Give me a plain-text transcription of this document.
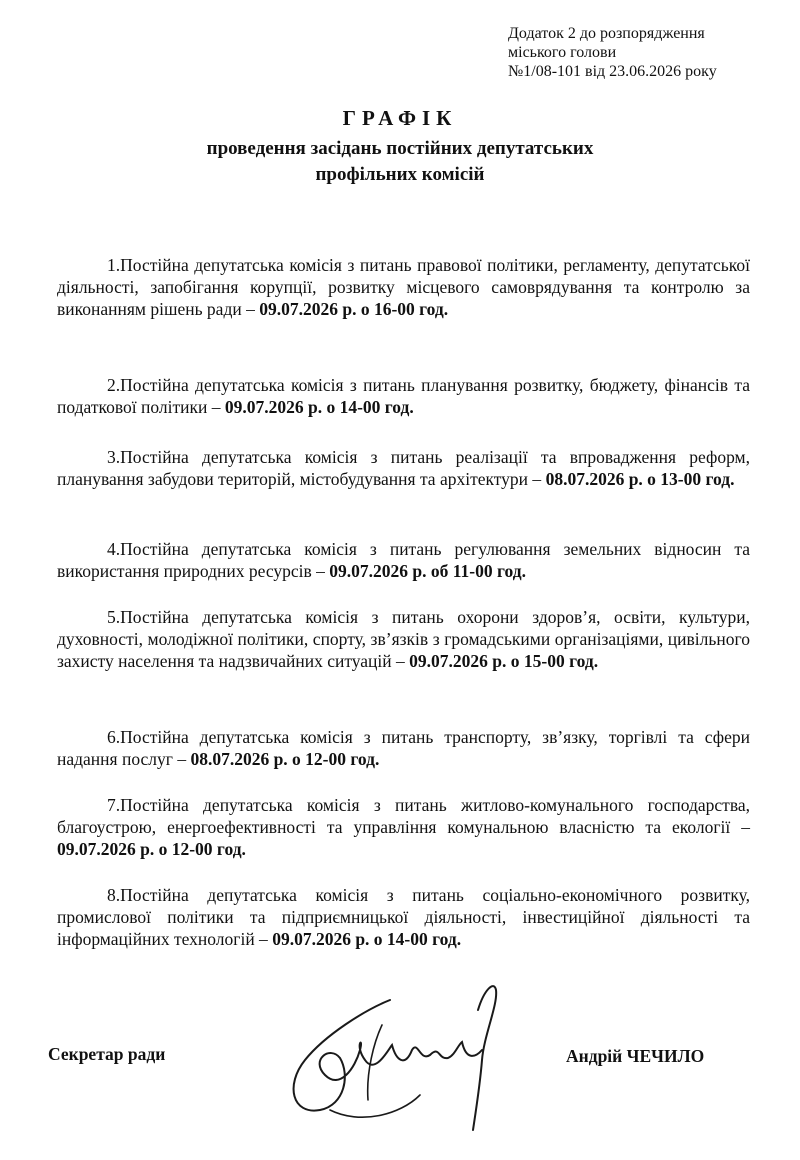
Додаток 2 до розпорядження
міського голови
№1/08-101 від 23.06.2026 року
ГРАФІК
проведення засідань постійних депутатських
профільних комісій

1.Постійна депутатська комісія з питань правової політики, регламенту, депутатської діяльності, запобігання корупції, розвитку місцевого самоврядування та контролю за виконанням рішень ради – 09.07.2026 р. о 16-00 год.

2.Постійна депутатська комісія з питань планування розвитку, бюджету, фінансів та податкової політики – 09.07.2026 р. о 14-00 год.

3.Постійна депутатська комісія з питань реалізації та впровадження реформ, планування забудови територій, містобудування та архітектури – 08.07.2026 р. о 13-00 год.

4.Постійна депутатська комісія з питань регулювання земельних відносин та використання природних ресурсів – 09.07.2026 р. об 11-00 год.

5.Постійна депутатська комісія з питань охорони здоров’я, освіти, культури, духовності, молодіжної політики, спорту, зв’язків з громадськими організаціями, цивільного захисту населення та надзвичайних ситуацій – 09.07.2026 р. о 15-00 год.

6.Постійна депутатська комісія з питань транспорту, зв’язку, торгівлі та сфери надання послуг – 08.07.2026 р. о 12-00 год.

7.Постійна депутатська комісія з питань житлово-комунального господарства, благоустрою, енергоефективності та управління комунальною власністю та екології – 09.07.2026 р. о 12-00 год.

8.Постійна депутатська комісія з питань соціально-економічного розвитку, промислової політики та підприємницької діяльності, інвестиційної діяльності та інформаційних технологій – 09.07.2026 р. о 14-00 год.

Секретар ради	Андрій ЧЕЧИЛО
